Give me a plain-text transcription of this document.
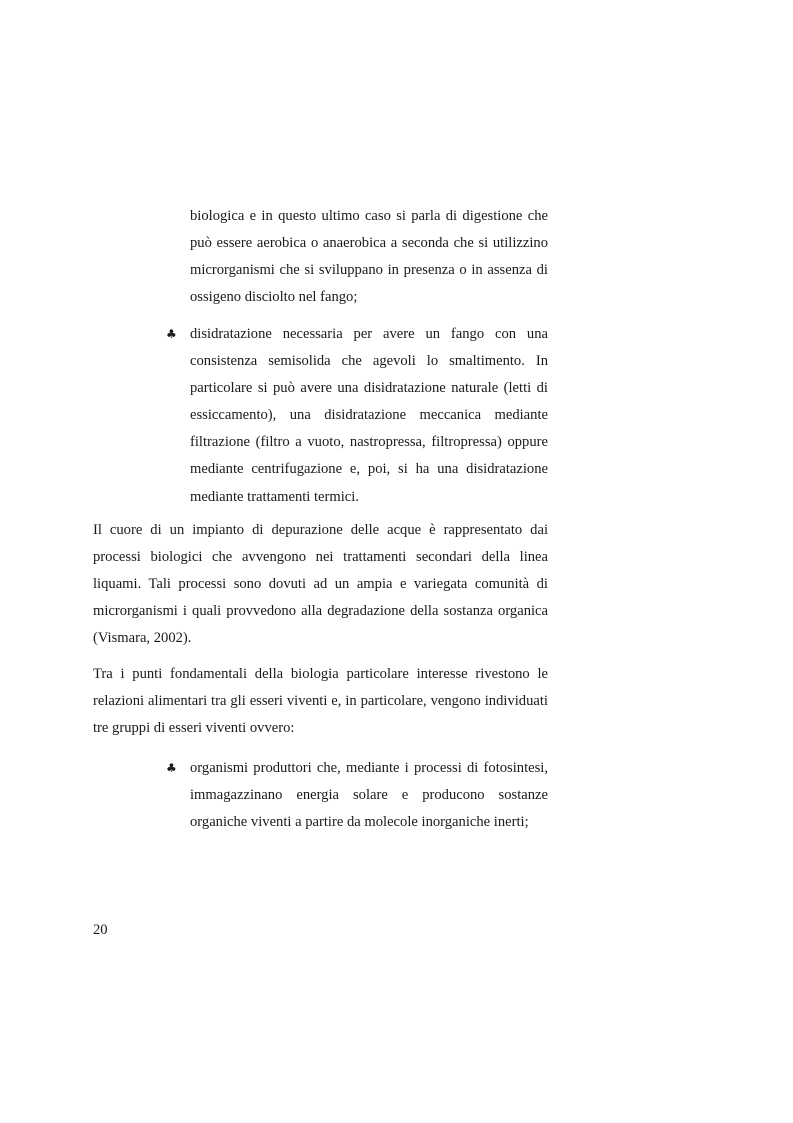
biologica e in questo ultimo caso si parla di digestione che può essere aerobica o anaerobica a seconda che si utilizzino microrganismi che si sviluppano in presenza o in assenza di ossigeno disciolto nel fango;

♣ disidratazione necessaria per avere un fango con una consistenza semisolida che agevoli lo smaltimento. In particolare si può avere una disidratazione naturale (letti di essiccamento), una disidratazione meccanica mediante filtrazione (filtro a vuoto, nastropressa, filtropressa) oppure mediante centrifugazione e, poi, si ha una disidratazione mediante trattamenti termici.

Il cuore di un impianto di depurazione delle acque è rappresentato dai processi biologici che avvengono nei trattamenti secondari della linea liquami. Tali processi sono dovuti ad un ampia e variegata comunità di microrganismi i quali provvedono alla degradazione della sostanza organica (Vismara, 2002).

Tra i punti fondamentali della biologia particolare interesse rivestono le relazioni alimentari tra gli esseri viventi e, in particolare, vengono individuati tre gruppi di esseri viventi ovvero:

♣ organismi produttori che, mediante i processi di fotosintesi, immagazzinano energia solare e producono sostanze organiche viventi a partire da molecole inorganiche inerti;

20
